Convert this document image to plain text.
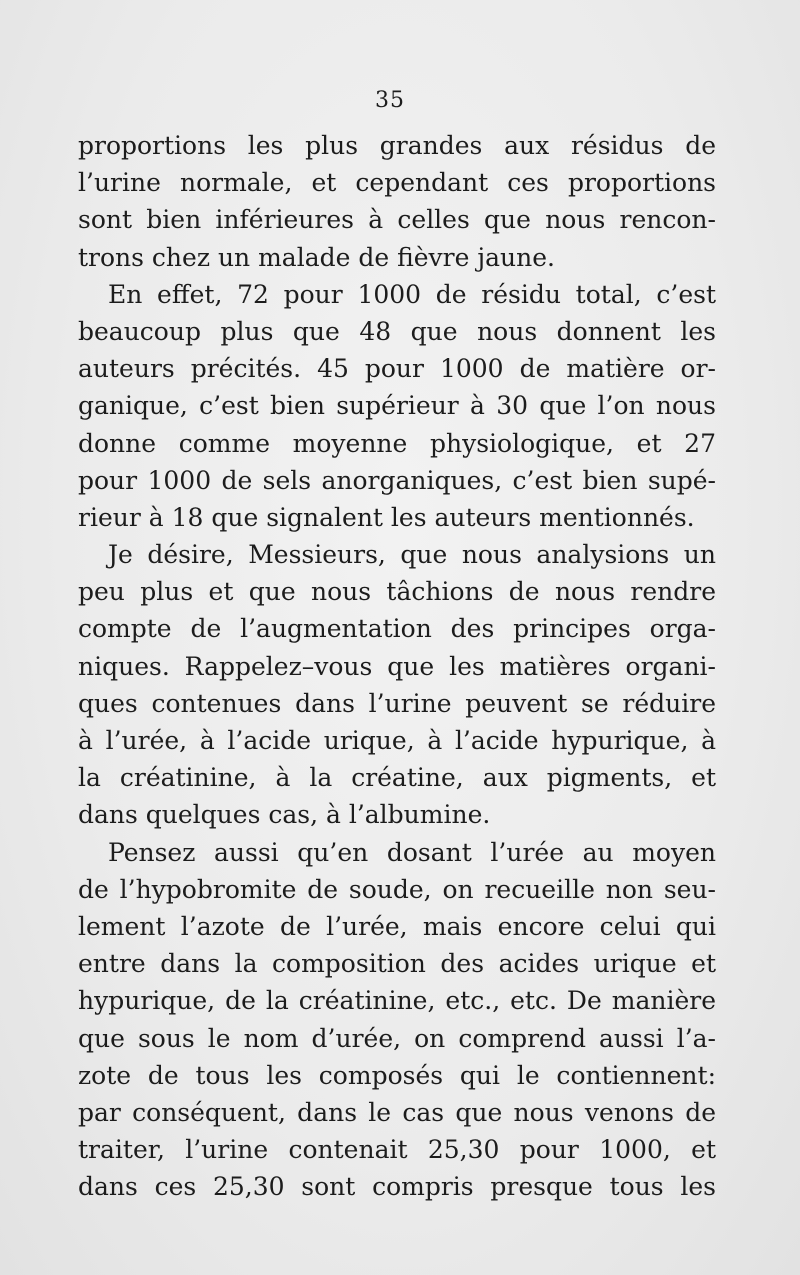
35
proportions les plus grandes aux résidus de
l’urine normale, et cependant ces proportions
sont bien inférieures à celles que nous rencon-
trons chez un malade de fièvre jaune.
En effet, 72 pour 1000 de résidu total, c’est
beaucoup plus que 48 que nous donnent les
auteurs précités. 45 pour 1000 de matière or-
ganique, c’est bien supérieur à 30 que l’on nous
donne comme moyenne physiologique, et 27
pour 1000 de sels anorganiques, c’est bien supé-
rieur à 18 que signalent les auteurs mentionnés.
Je désire, Messieurs, que nous analysions un
peu plus et que nous tâchions de nous rendre
compte de l’augmentation des principes orga-
niques. Rappelez–vous que les matières organi-
ques contenues dans l’urine peuvent se réduire
à l’urée, à l’acide urique, à l’acide hypurique, à
la créatinine, à la créatine, aux pigments, et
dans quelques cas, à l’albumine.
Pensez aussi qu’en dosant l’urée au moyen
de l’hypobromite de soude, on recueille non seu-
lement l’azote de l’urée, mais encore celui qui
entre dans la composition des acides urique et
hypurique, de la créatinine, etc., etc. De manière
que sous le nom d’urée, on comprend aussi l’a-
zote de tous les composés qui le contiennent:
par conséquent, dans le cas que nous venons de
traiter, l’urine contenait 25,30 pour 1000, et
dans ces 25,30 sont compris presque tous les
